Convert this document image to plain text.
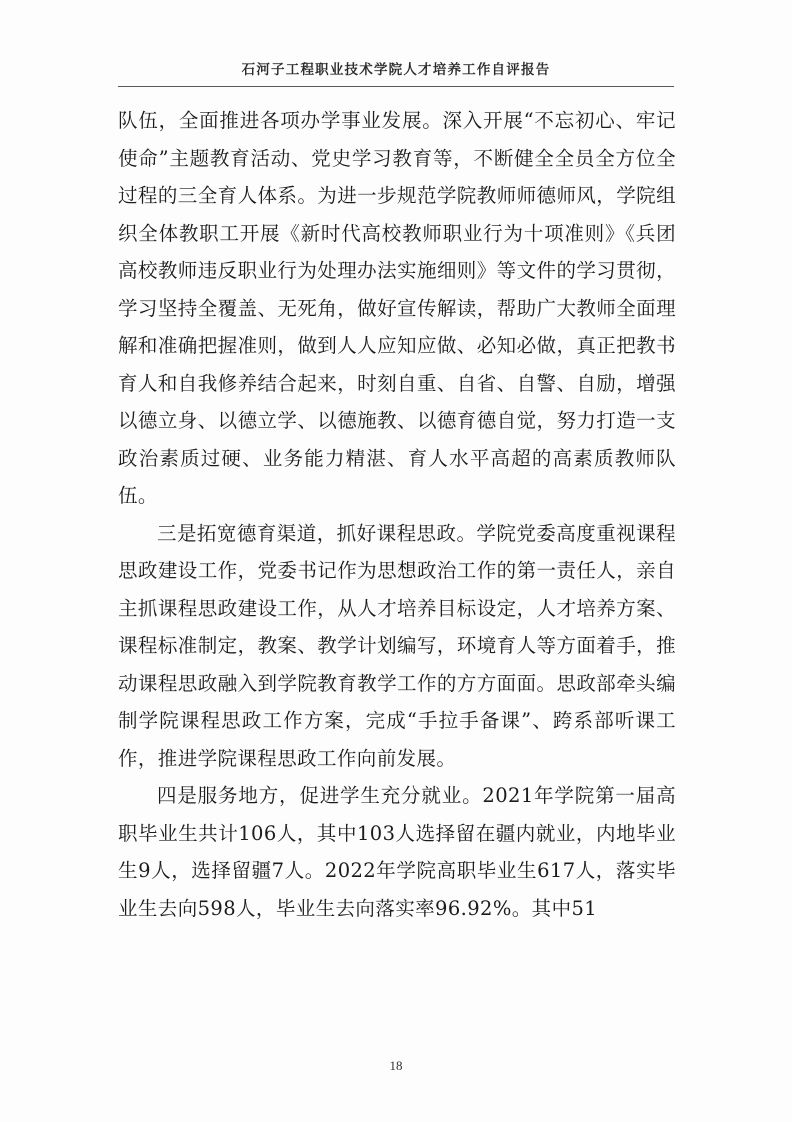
石河子工程职业技术学院人才培养工作自评报告

队伍，全面推进各项办学事业发展。深入开展“不忘初心、牢记使命”主题教育活动、党史学习教育等，不断健全全员全方位全过程的三全育人体系。为进一步规范学院教师师德师风，学院组织全体教职工开展《新时代高校教师职业行为十项准则》《兵团高校教师违反职业行为处理办法实施细则》等文件的学习贯彻，学习坚持全覆盖、无死角，做好宣传解读，帮助广大教师全面理解和准确把握准则，做到人人应知应做、必知必做，真正把教书育人和自我修养结合起来，时刻自重、自省、自警、自励，增强以德立身、以德立学、以德施教、以德育德自觉，努力打造一支政治素质过硬、业务能力精湛、育人水平高超的高素质教师队伍。

三是拓宽德育渠道，抓好课程思政。学院党委高度重视课程思政建设工作，党委书记作为思想政治工作的第一责任人，亲自主抓课程思政建设工作，从人才培养目标设定，人才培养方案、课程标准制定，教案、教学计划编写，环境育人等方面着手，推动课程思政融入到学院教育教学工作的方方面面。思政部牵头编制学院课程思政工作方案，完成“手拉手备课”、跨系部听课工作，推进学院课程思政工作向前发展。

四是服务地方，促进学生充分就业。2021年学院第一届高职毕业生共计106人，其中103人选择留在疆内就业，内地毕业生9人，选择留疆7人。2022年学院高职毕业生617人，落实毕业生去向598人，毕业生去向落实率96.92%。其中51

18
